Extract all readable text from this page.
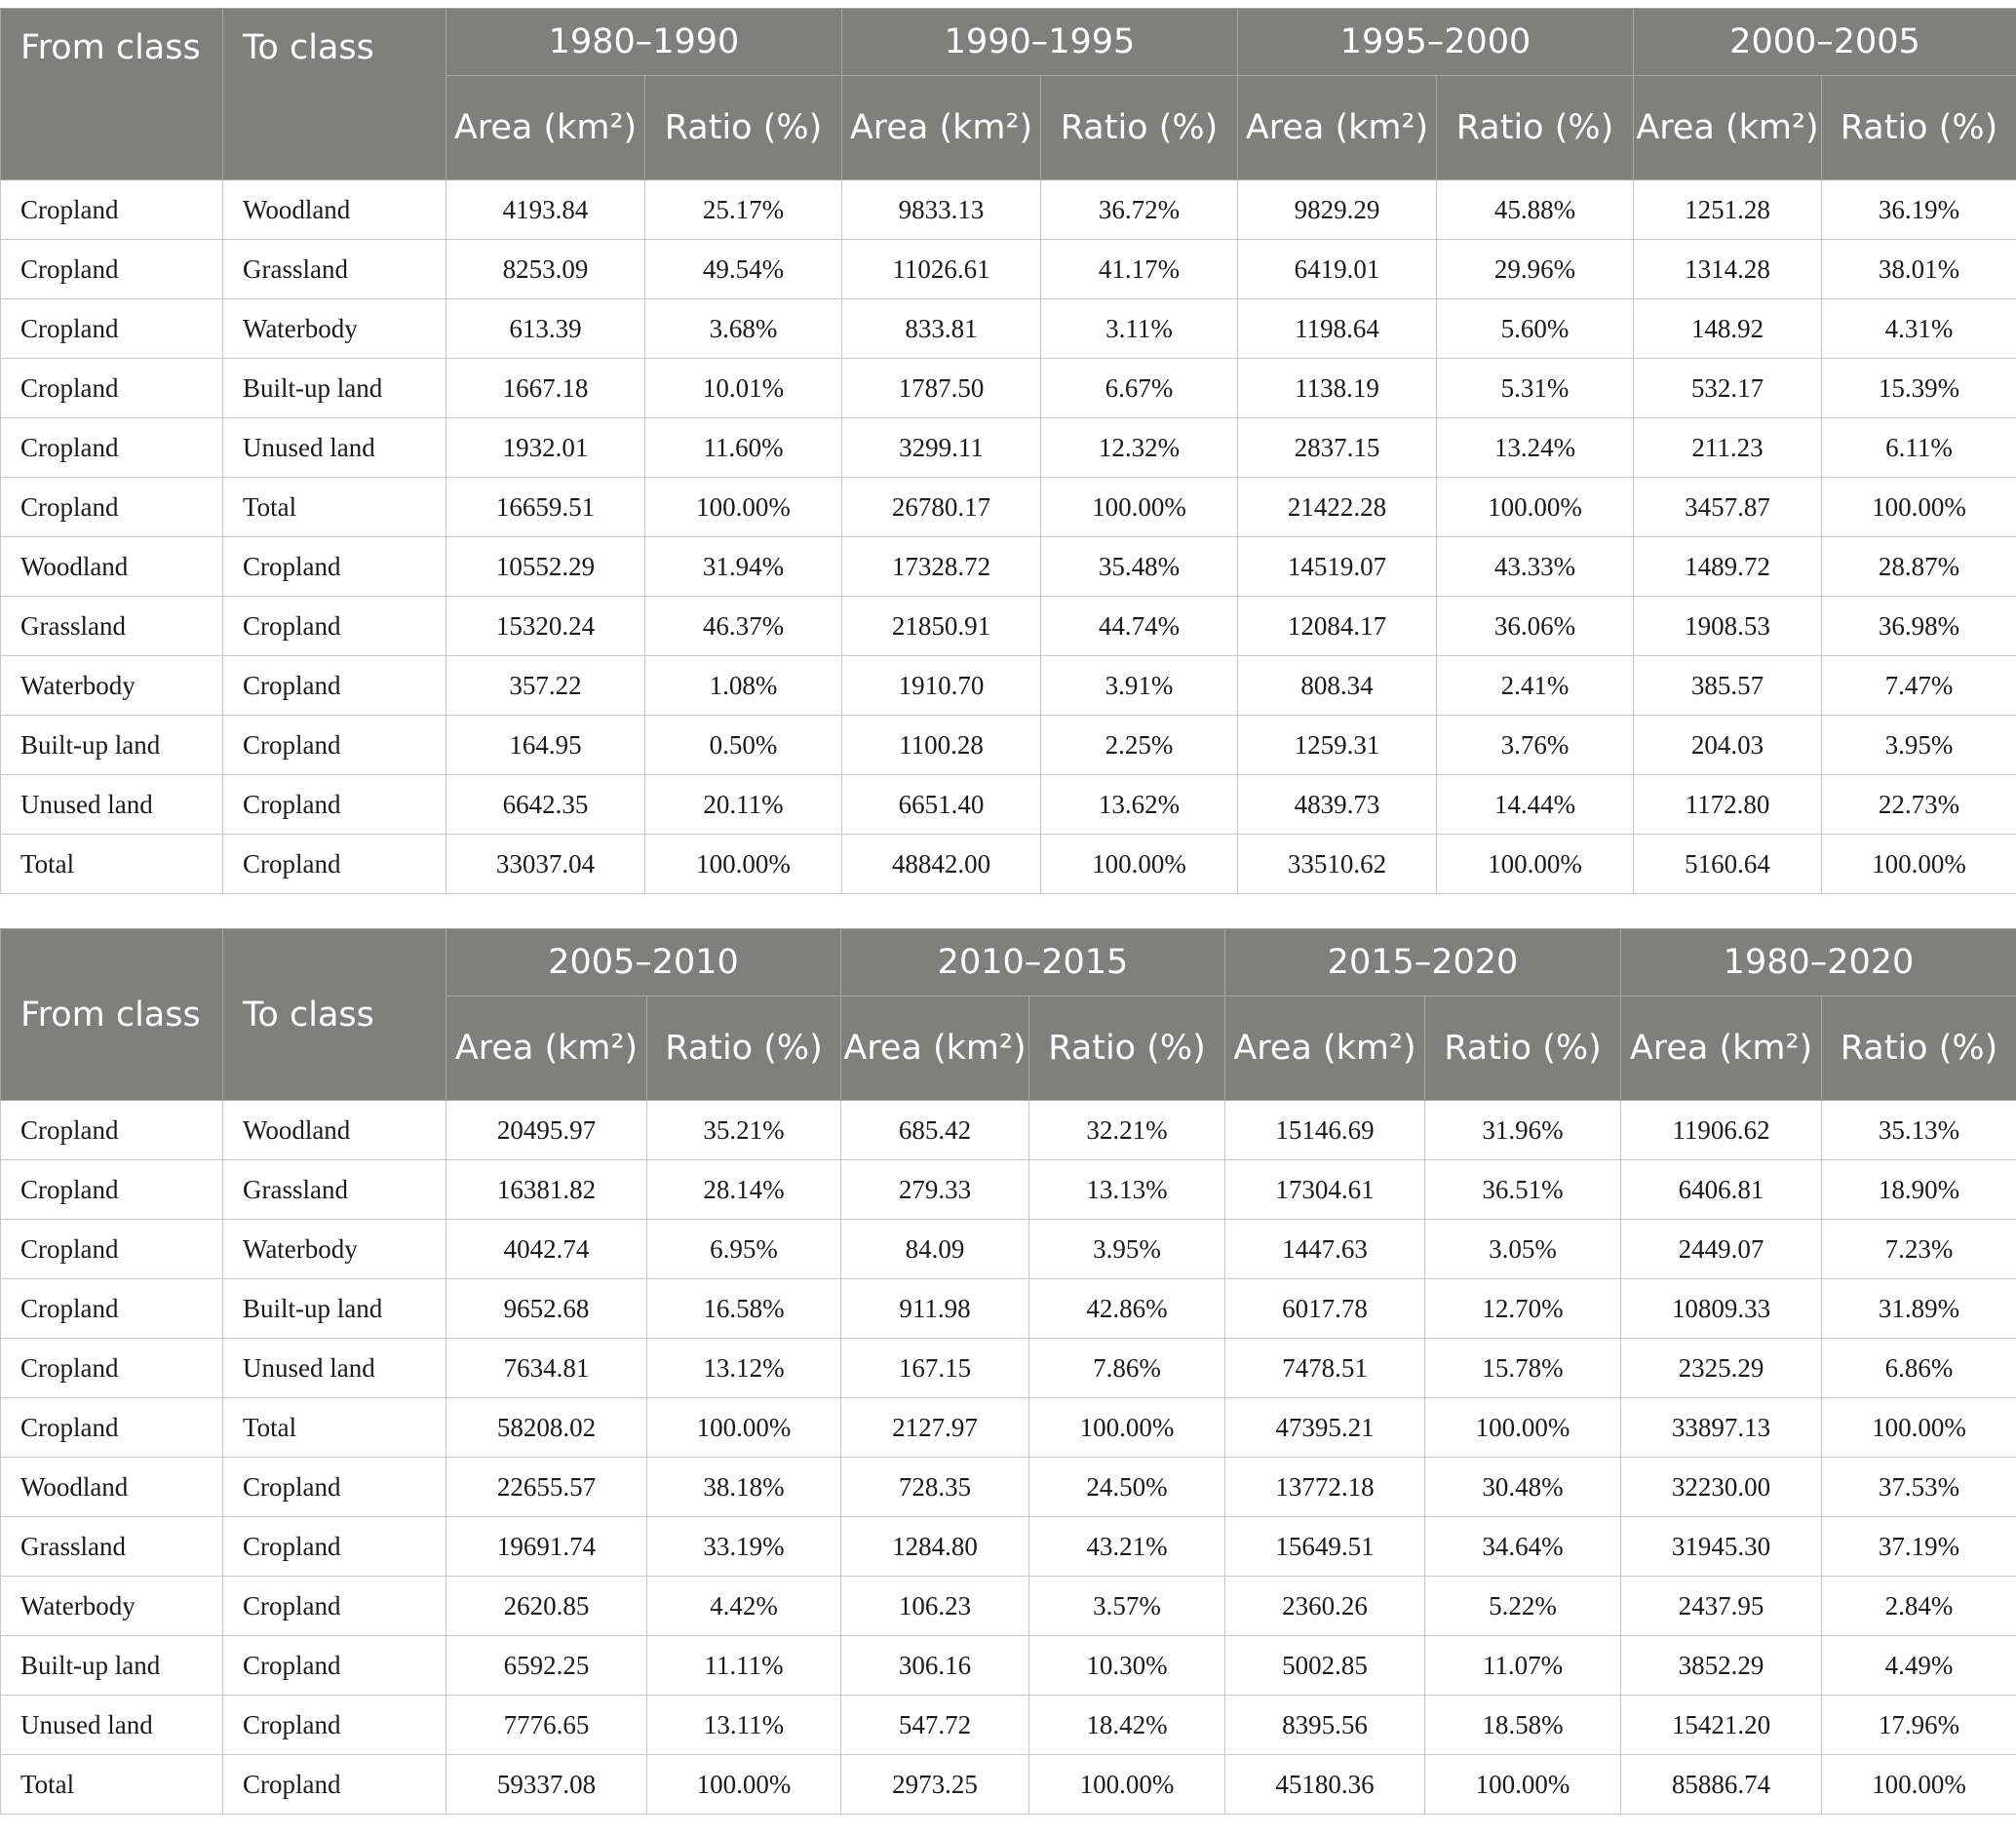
From class	To class	1980–1990		1990–1995		1995–2000		2000–2005	
		Area (km²)	Ratio (%)	Area (km²)	Ratio (%)	Area (km²)	Ratio (%)	Area (km²)	Ratio (%)
Cropland	Woodland	4193.84	25.17%	9833.13	36.72%	9829.29	45.88%	1251.28	36.19%
Cropland	Grassland	8253.09	49.54%	11026.61	41.17%	6419.01	29.96%	1314.28	38.01%
Cropland	Waterbody	613.39	3.68%	833.81	3.11%	1198.64	5.60%	148.92	4.31%
Cropland	Built-up land	1667.18	10.01%	1787.50	6.67%	1138.19	5.31%	532.17	15.39%
Cropland	Unused land	1932.01	11.60%	3299.11	12.32%	2837.15	13.24%	211.23	6.11%
Cropland	Total	16659.51	100.00%	26780.17	100.00%	21422.28	100.00%	3457.87	100.00%
Woodland	Cropland	10552.29	31.94%	17328.72	35.48%	14519.07	43.33%	1489.72	28.87%
Grassland	Cropland	15320.24	46.37%	21850.91	44.74%	12084.17	36.06%	1908.53	36.98%
Waterbody	Cropland	357.22	1.08%	1910.70	3.91%	808.34	2.41%	385.57	7.47%
Built-up land	Cropland	164.95	0.50%	1100.28	2.25%	1259.31	3.76%	204.03	3.95%
Unused land	Cropland	6642.35	20.11%	6651.40	13.62%	4839.73	14.44%	1172.80	22.73%
Total	Cropland	33037.04	100.00%	48842.00	100.00%	33510.62	100.00%	5160.64	100.00%
From class	To class	2005–2010		2010–2015		2015–2020		1980–2020	
		Area (km²)	Ratio (%)	Area (km²)	Ratio (%)	Area (km²)	Ratio (%)	Area (km²)	Ratio (%)
Cropland	Woodland	20495.97	35.21%	685.42	32.21%	15146.69	31.96%	11906.62	35.13%
Cropland	Grassland	16381.82	28.14%	279.33	13.13%	17304.61	36.51%	6406.81	18.90%
Cropland	Waterbody	4042.74	6.95%	84.09	3.95%	1447.63	3.05%	2449.07	7.23%
Cropland	Built-up land	9652.68	16.58%	911.98	42.86%	6017.78	12.70%	10809.33	31.89%
Cropland	Unused land	7634.81	13.12%	167.15	7.86%	7478.51	15.78%	2325.29	6.86%
Cropland	Total	58208.02	100.00%	2127.97	100.00%	47395.21	100.00%	33897.13	100.00%
Woodland	Cropland	22655.57	38.18%	728.35	24.50%	13772.18	30.48%	32230.00	37.53%
Grassland	Cropland	19691.74	33.19%	1284.80	43.21%	15649.51	34.64%	31945.30	37.19%
Waterbody	Cropland	2620.85	4.42%	106.23	3.57%	2360.26	5.22%	2437.95	2.84%
Built-up land	Cropland	6592.25	11.11%	306.16	10.30%	5002.85	11.07%	3852.29	4.49%
Unused land	Cropland	7776.65	13.11%	547.72	18.42%	8395.56	18.58%	15421.20	17.96%
Total	Cropland	59337.08	100.00%	2973.25	100.00%	45180.36	100.00%	85886.74	100.00%
